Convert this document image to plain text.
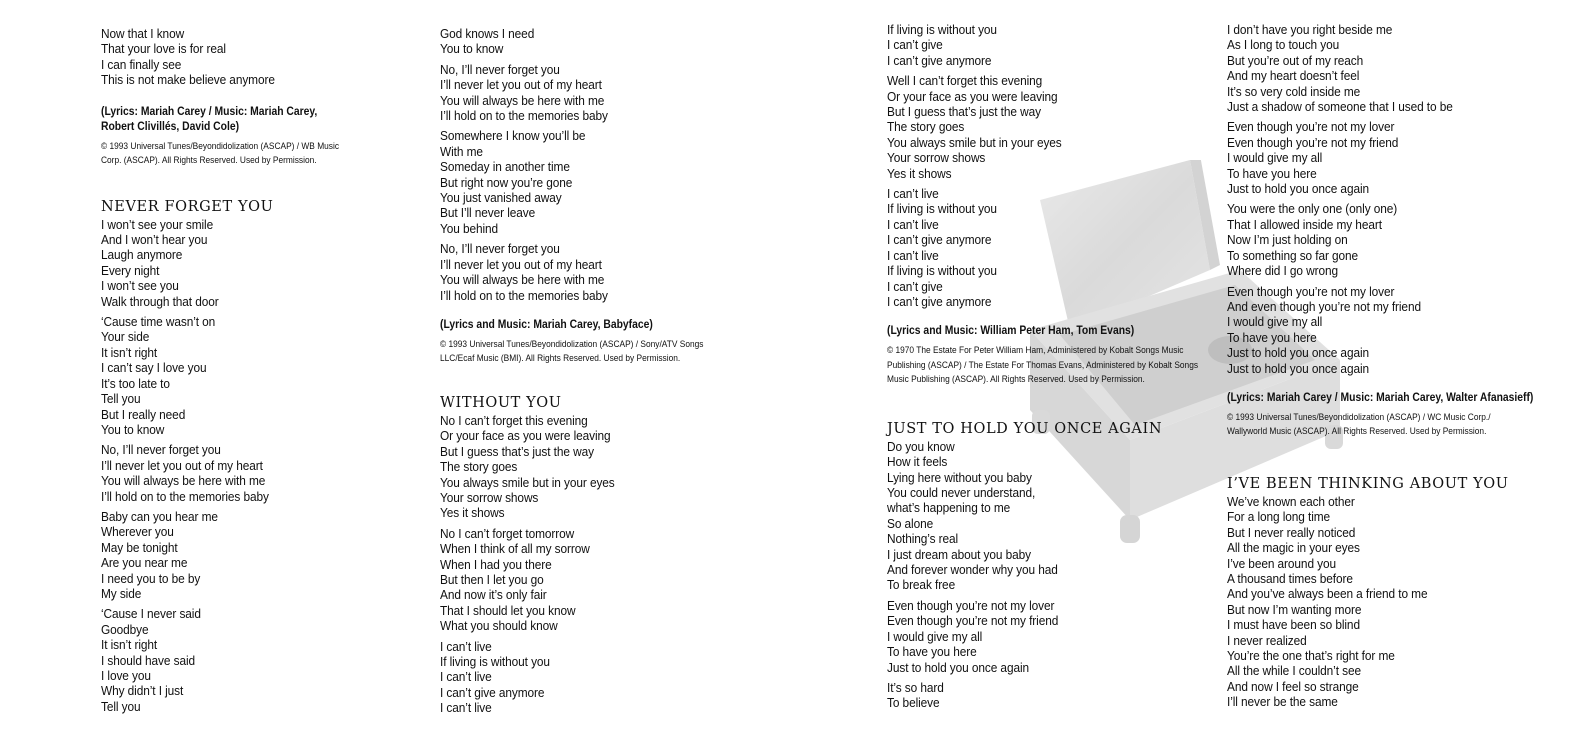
Now that I know
That your love is for real
I can finally see
This is not make believe anymore
(Lyrics: Mariah Carey / Music: Mariah Carey,
Robert Clivillés, David Cole)
© 1993 Universal Tunes/Beyondidolization (ASCAP) / WB Music
Corp. (ASCAP). All Rights Reserved. Used by Permission.
NEVER FORGET YOU
I won’t see your smile
And I won’t hear you
Laugh anymore
Every night
I won’t see you
Walk through that door
‘Cause time wasn’t on
Your side
It isn’t right
I can’t say I love you
It’s too late to
Tell you
But I really need
You to know
No, I’ll never forget you
I’ll never let you out of my heart
You will always be here with me
I’ll hold on to the memories baby
Baby can you hear me
Wherever you
May be tonight
Are you near me
I need you to be by
My side
‘Cause I never said
Goodbye
It isn’t right
I should have said
I love you
Why didn’t I just
Tell you
God knows I need
You to know
No, I’ll never forget you
I’ll never let you out of my heart
You will always be here with me
I’ll hold on to the memories baby
Somewhere I know you’ll be
With me
Someday in another time
But right now you’re gone
You just vanished away
But I’ll never leave
You behind
No, I’ll never forget you
I’ll never let you out of my heart
You will always be here with me
I’ll hold on to the memories baby
(Lyrics and Music: Mariah Carey, Babyface)
© 1993 Universal Tunes/Beyondidolization (ASCAP) / Sony/ATV Songs
LLC/Ecaf Music (BMI). All Rights Reserved. Used by Permission.
WITHOUT YOU
No I can’t forget this evening
Or your face as you were leaving
But I guess that’s just the way
The story goes
You always smile but in your eyes
Your sorrow shows
Yes it shows
No I can’t forget tomorrow
When I think of all my sorrow
When I had you there
But then I let you go
And now it’s only fair
That I should let you know
What you should know
I can’t live
If living is without you
I can’t live
I can’t give anymore
I can’t live
If living is without you
I can’t give
I can’t give anymore
Well I can’t forget this evening
Or your face as you were leaving
But I guess that’s just the way
The story goes
You always smile but in your eyes
Your sorrow shows
Yes it shows
I can’t live
If living is without you
I can’t live
I can’t give anymore
I can’t live
If living is without you
I can’t give
I can’t give anymore
(Lyrics and Music: William Peter Ham, Tom Evans)
© 1970 The Estate For Peter William Ham, Administered by Kobalt Songs Music
Publishing (ASCAP) / The Estate For Thomas Evans, Administered by Kobalt Songs
Music Publishing (ASCAP). All Rights Reserved. Used by Permission.
JUST TO HOLD YOU ONCE AGAIN
Do you know
How it feels
Lying here without you baby
You could never understand,
what’s happening to me
So alone
Nothing’s real
I just dream about you baby
And forever wonder why you had
To break free
Even though you’re not my lover
Even though you’re not my friend
I would give my all
To have you here
Just to hold you once again
It’s so hard
To believe
I don’t have you right beside me
As I long to touch you
But you’re out of my reach
And my heart doesn’t feel
It’s so very cold inside me
Just a shadow of someone that I used to be
Even though you’re not my lover
Even though you’re not my friend
I would give my all
To have you here
Just to hold you once again
You were the only one (only one)
That I allowed inside my heart
Now I’m just holding on
To something so far gone
Where did I go wrong
Even though you’re not my lover
And even though you’re not my friend
I would give my all
To have you here
Just to hold you once again
Just to hold you once again
(Lyrics: Mariah Carey / Music: Mariah Carey, Walter Afanasieff)
© 1993 Universal Tunes/Beyondidolization (ASCAP) / WC Music Corp./
Wallyworld Music (ASCAP). All Rights Reserved. Used by Permission.
I’VE BEEN THINKING ABOUT YOU
We’ve known each other
For a long long time
But I never really noticed
All the magic in your eyes
I’ve been around you
A thousand times before
And you’ve always been a friend to me
But now I’m wanting more
I must have been so blind
I never realized
You’re the one that’s right for me
All the while I couldn’t see
And now I feel so strange
I’ll never be the same
